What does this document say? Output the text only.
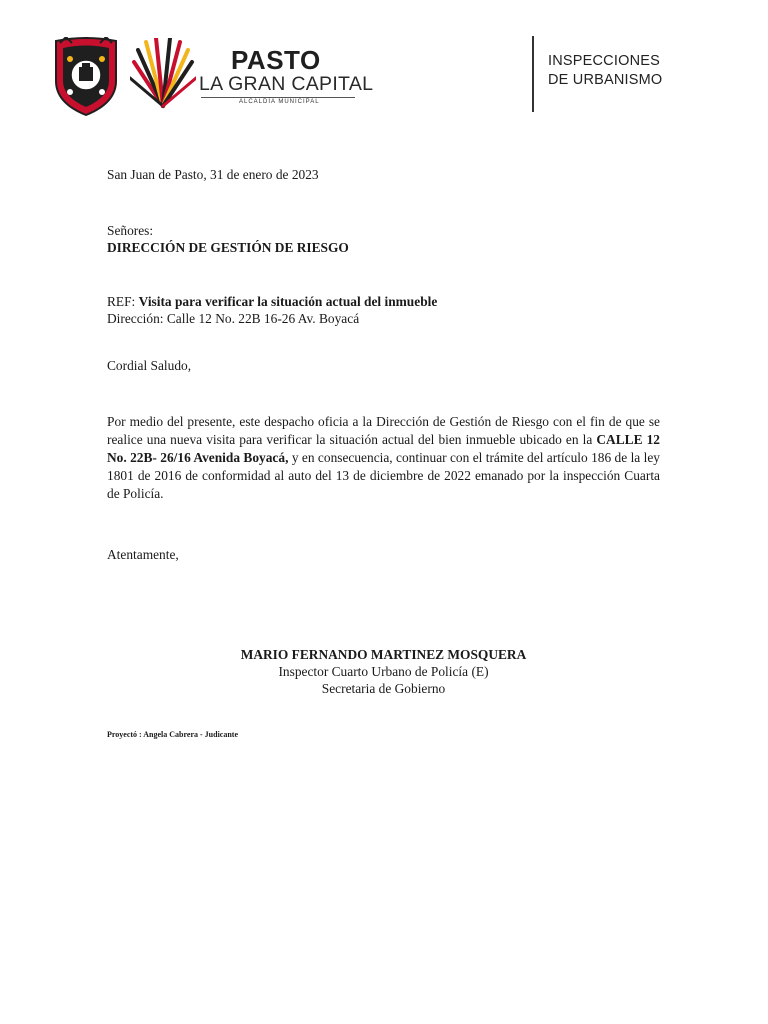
PASTO
LA GRAN CAPITAL
ALCALDÍA MUNICIPAL
INSPECCIONES
DE URBANISMO
San Juan de Pasto, 31 de enero de 2023
Señores:
DIRECCIÓN DE GESTIÓN DE RIESGO
REF: Visita para verificar la situación actual del inmueble
Dirección: Calle 12 No. 22B 16-26 Av. Boyacá
Cordial Saludo,
Por medio del presente, este despacho oficia a la Dirección de Gestión de Riesgo con el fin de que se realice una nueva visita para verificar la situación actual del bien inmueble ubicado en la CALLE 12 No. 22B- 26/16 Avenida Boyacá, y en consecuencia, continuar con el trámite del artículo 186 de la ley 1801 de 2016 de conformidad al auto del 13 de diciembre de 2022 emanado por la inspección Cuarta de Policía.
Atentamente,
MARIO FERNANDO MARTINEZ MOSQUERA
Inspector Cuarto Urbano de Policía (E)
Secretaria de Gobierno
Proyectó : Angela Cabrera - Judicante
